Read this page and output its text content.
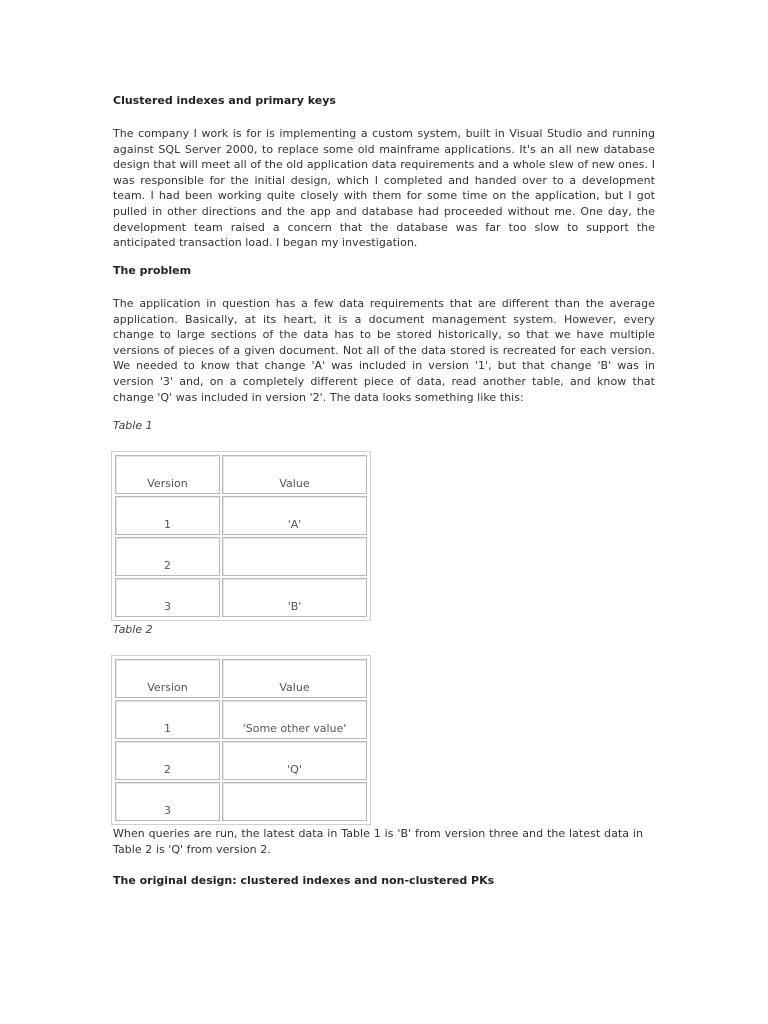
Clustered indexes and primary keys
The company I work is for is implementing a custom system, built in Visual Studio and running against SQL Server 2000, to replace some old mainframe applications. It's an all new database design that will meet all of the old application data requirements and a whole slew of new ones. I was responsible for the initial design, which I completed and handed over to a development team. I had been working quite closely with them for some time on the application, but I got pulled in other directions and the app and database had proceeded without me. One day, the development team raised a concern that the database was far too slow to support the anticipated transaction load. I began my investigation.
The problem
The application in question has a few data requirements that are different than the average application. Basically, at its heart, it is a document management system. However, every change to large sections of the data has to be stored historically, so that we have multiple versions of pieces of a given document. Not all of the data stored is recreated for each version. We needed to know that change 'A' was included in version '1', but that change 'B' was in version '3' and, on a completely different piece of data, read another table, and know that change 'Q' was included in version '2'. The data looks something like this:
Table 1
Version	Value
1	'A'
2	
3	'B'
Table 2
Version	Value
1	'Some other value'
2	'Q'
3	
When queries are run, the latest data in Table 1 is 'B' from version three and the latest data in Table 2 is 'Q' from version 2.
The original design: clustered indexes and non-clustered PKs
